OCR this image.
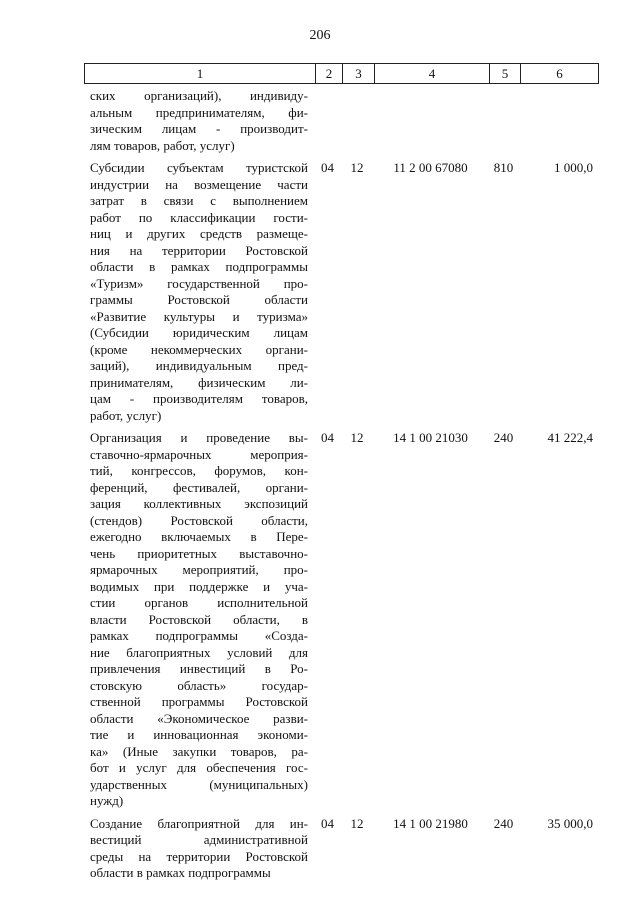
206
1	2	3	4	5	6
ских организаций), индивиду-
альным предпринимателям, фи-
зическим лицам - производит-
лям товаров, работ, услуг)
Субсидии субъектам туристской
индустрии на возмещение части
затрат в связи с выполнением
работ по классификации гости-
ниц и других средств размеще-
ния на территории Ростовской
области в рамках подпрограммы
«Туризм» государственной про-
граммы Ростовской области
«Развитие культуры и туризма»
(Субсидии юридическим лицам
(кроме некоммерческих органи-
заций), индивидуальным пред-
принимателям, физическим ли-
цам - производителям товаров,
работ, услуг)
04	12	11 2 00 67080	810	1 000,0
Организация и проведение вы-
ставочно-ярмарочных мероприя-
тий, конгрессов, форумов, кон-
ференций, фестивалей, органи-
зация коллективных экспозиций
(стендов) Ростовской области,
ежегодно включаемых в Пере-
чень приоритетных выставочно-
ярмарочных мероприятий, про-
водимых при поддержке и уча-
стии органов исполнительной
власти Ростовской области, в
рамках подпрограммы «Созда-
ние благоприятных условий для
привлечения инвестиций в Ро-
стовскую область» государ-
ственной программы Ростовской
области «Экономическое разви-
тие и инновационная экономи-
ка» (Иные закупки товаров, ра-
бот и услуг для обеспечения гос-
ударственных (муниципальных)
нужд)
04	12	14 1 00 21030	240	41 222,4
Создание благоприятной для ин-
вестиций административной
среды на территории Ростовской
области в рамках подпрограммы
04	12	14 1 00 21980	240	35 000,0
